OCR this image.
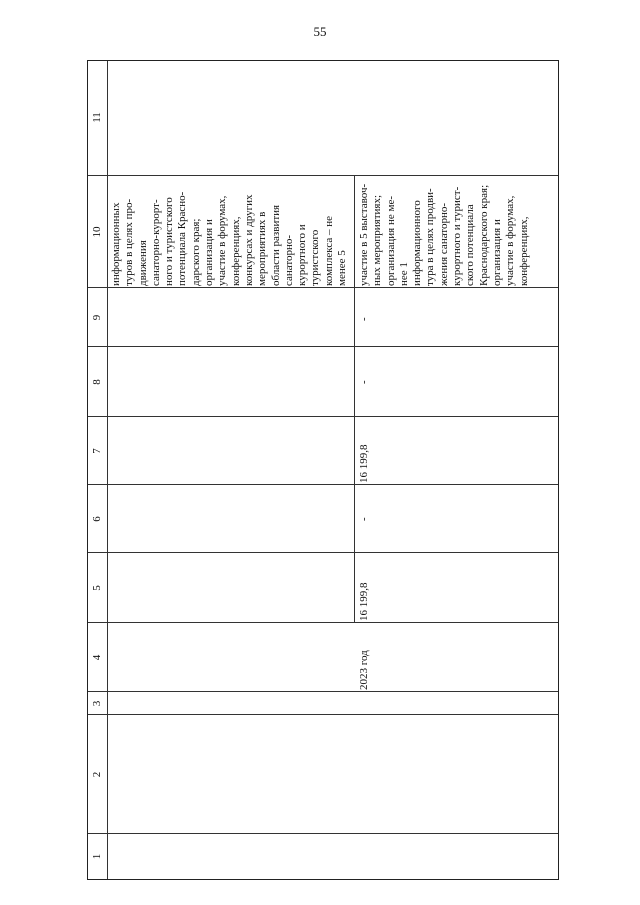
55
1
2
3
4
5
6
7
8
9
10
11
информационных
туров в целях про-
движения
санаторно-курорт-
ного и туристского
потенциала Красно-
дарского края;
организация и
участие в форумах,
конференциях,
конкурсах и других
мероприятиях в
области развития
санаторно-
курортного и
туристского
комплекса – не
менее 5
2023 год
16 199,8
-
16 199,8
-
-
участие в 5 выставоч-
ных мероприятиях;
организация не ме-
нее 1
информационного
тура в целях продви-
жения санаторно-
курортного и турист-
ского потенциала
Краснодарского края;
организация и
участие в форумах,
конференциях,
